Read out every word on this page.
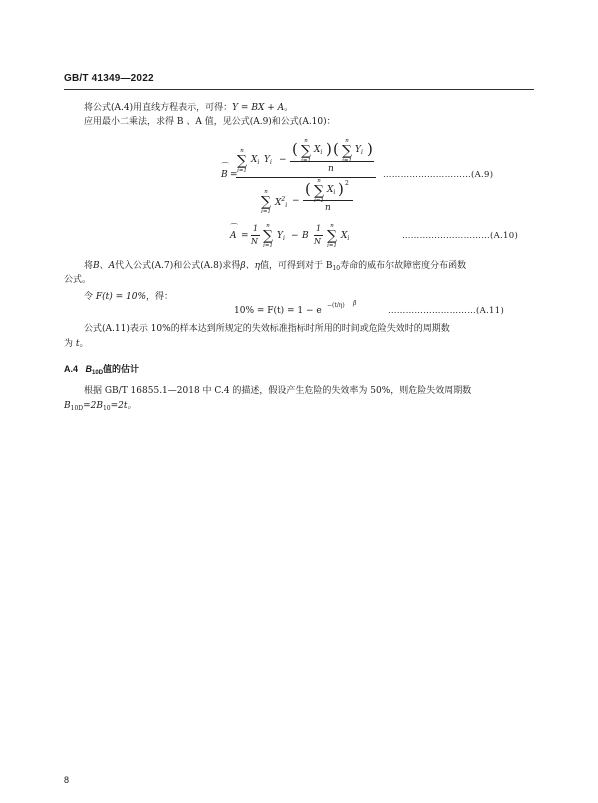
GB/T 41349—2022
将公式(A.4)用直线方程表示，可得：Y = BX + A。
应用最小二乘法，求得 B 、A 值，见公式(A.9)和公式(A.10)：
B
⌒
=
n
∑
i=1
$X_i$ $Y_i$ −
(	n
∑
i=1
$X_i$ ) (	n
∑
i=1
$Y_i$ )
n
n
∑
i=1
$X^2_i$ −
(	n
∑
i=1
$X_i$ ) 2
n
…………………………(A.9)
A
⌒
=
1
N
n
∑
i=1
$Y_i - B$
1
N
n
∑
i=1
$X_i$	…………………………(A.10)
将B、A代入公式(A.7)和公式(A.8)求得β、η值，可得到对于 $B_{10}$寿命的威布尔故障密度分布函数
公式。
令 F(t) = 10%，得：
10% = F(t) = 1 − e
−(t/η) β
…………………………(A.11)
公式(A.11)表示 10%的样本达到所规定的失效标准指标时所用的时间或危险失效时的周期数
为 t。
A.4 $B_{10D}$值的估计
根据 GB/T 16855.1—2018 中 C.4 的描述，假设产生危险的失效率为 50%，则危险失效周期数
$B_{10D}=2B_{10}=2t$。
8
